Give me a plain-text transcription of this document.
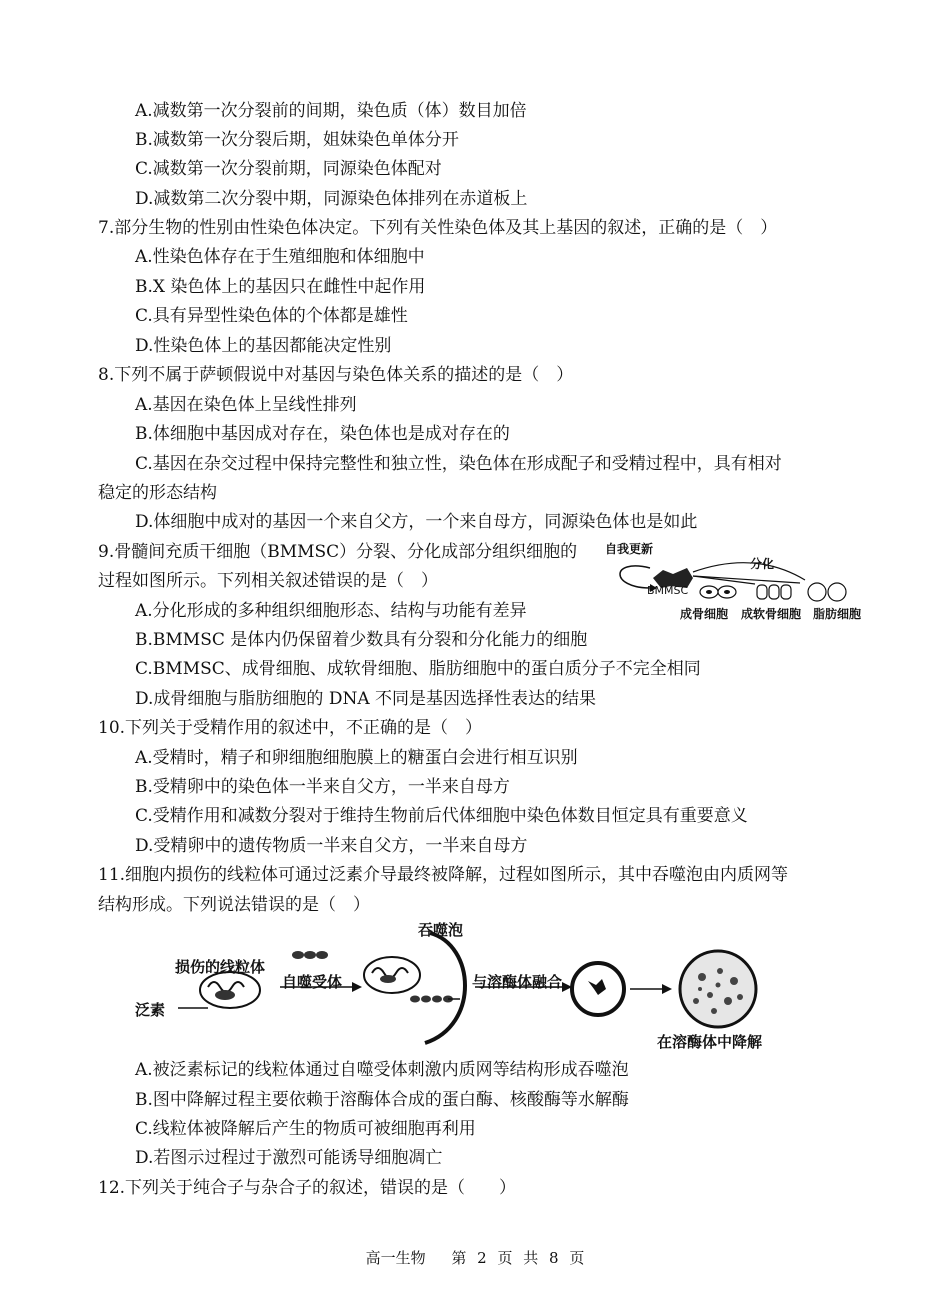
A.减数第一次分裂前的间期，染色质（体）数目加倍
B.减数第一次分裂后期，姐妹染色单体分开
C.减数第一次分裂前期，同源染色体配对
D.减数第二次分裂中期，同源染色体排列在赤道板上
7.部分生物的性别由性染色体决定。下列有关性染色体及其上基因的叙述，正确的是（　）
A.性染色体存在于生殖细胞和体细胞中
B.X 染色体上的基因只在雌性中起作用
C.具有异型性染色体的个体都是雄性
D.性染色体上的基因都能决定性别
8.下列不属于萨顿假说中对基因与染色体关系的描述的是（　）
A.基因在染色体上呈线性排列
B.体细胞中基因成对存在，染色体也是成对存在的
C.基因在杂交过程中保持完整性和独立性，染色体在形成配子和受精过程中，具有相对
稳定的形态结构
D.体细胞中成对的基因一个来自父方，一个来自母方，同源染色体也是如此
9.骨髓间充质干细胞（BMMSC）分裂、分化成部分组织细胞的
过程如图所示。下列相关叙述错误的是（　）
自我更新
分化
BMMSC
成骨细胞 成软骨细胞 脂肪细胞
A.分化形成的多种组织细胞形态、结构与功能有差异
B.BMMSC 是体内仍保留着少数具有分裂和分化能力的细胞
C.BMMSC、成骨细胞、成软骨细胞、脂肪细胞中的蛋白质分子不完全相同
D.成骨细胞与脂肪细胞的 DNA 不同是基因选择性表达的结果
10.下列关于受精作用的叙述中，不正确的是（　）
A.受精时，精子和卵细胞细胞膜上的糖蛋白会进行相互识别
B.受精卵中的染色体一半来自父方，一半来自母方
C.受精作用和减数分裂对于维持生物前后代体细胞中染色体数目恒定具有重要意义
D.受精卵中的遗传物质一半来自父方，一半来自母方
11.细胞内损伤的线粒体可通过泛素介导最终被降解，过程如图所示，其中吞噬泡由内质网等
结构形成。下列说法错误的是（　）
损伤的线粒体
泛素
自噬受体
吞噬泡
与溶酶体融合
在溶酶体中降解
A.被泛素标记的线粒体通过自噬受体刺激内质网等结构形成吞噬泡
B.图中降解过程主要依赖于溶酶体合成的蛋白酶、核酸酶等水解酶
C.线粒体被降解后产生的物质可被细胞再利用
D.若图示过程过于激烈可能诱导细胞凋亡
12.下列关于纯合子与杂合子的叙述，错误的是（　　）
高一生物　 第 2 页 共 8 页
